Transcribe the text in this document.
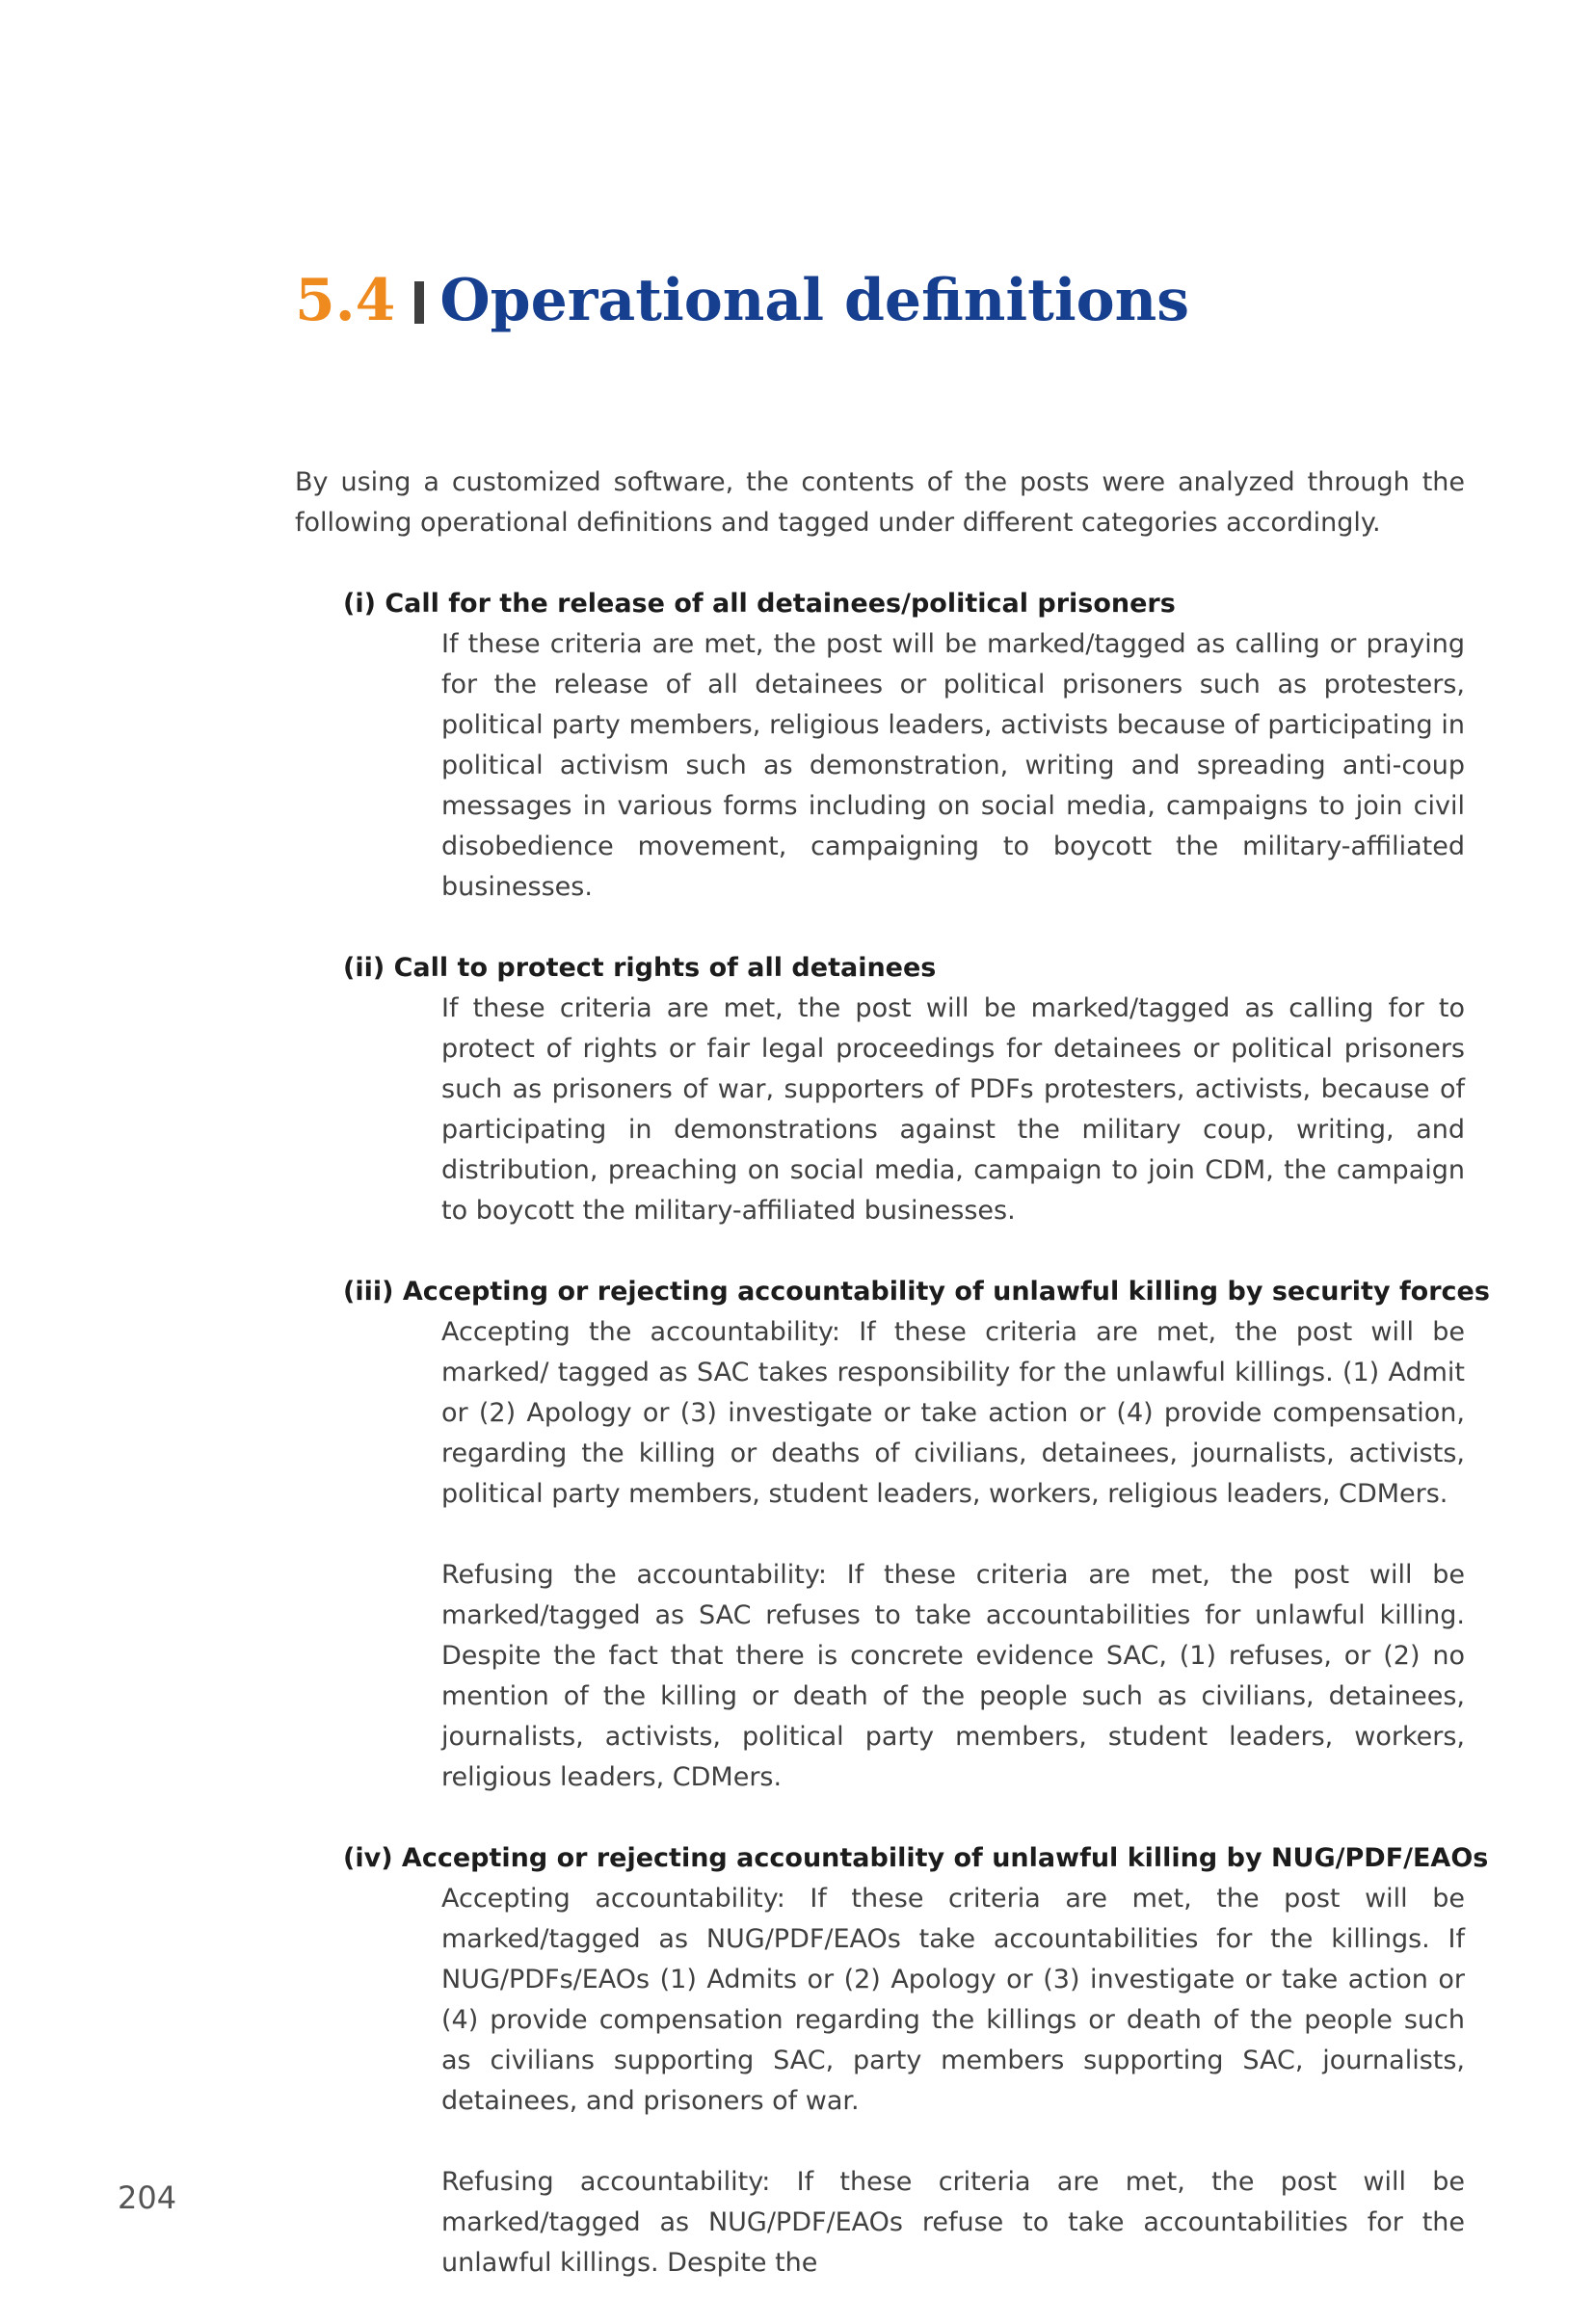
5.4 Operational definitions

By using a customized software, the contents of the posts were analyzed through the following operational definitions and tagged under different categories accordingly.

(i) Call for the release of all detainees/political prisoners

If these criteria are met, the post will be marked/tagged as calling or praying for the release of all detainees or political prisoners such as protesters, political party members, religious leaders, activists because of participating in political activism such as demonstration, writing and spreading anti-coup messages in various forms including on social media, campaigns to join civil disobedience movement, campaigning to boycott the military-affiliated businesses.

(ii) Call to protect rights of all detainees

If these criteria are met, the post will be marked/tagged as calling for to protect of rights or fair legal proceedings for detainees or political prisoners such as prisoners of war, supporters of PDFs protesters, activists, because of participating in demonstrations against the military coup, writing, and distribution, preaching on social media, campaign to join CDM, the campaign to boycott the military-affiliated businesses.

(iii) Accepting or rejecting accountability of unlawful killing by security forces

Accepting the accountability: If these criteria are met, the post will be marked/ tagged as SAC takes responsibility for the unlawful killings. (1) Admit or (2) Apology or (3) investigate or take action or (4) provide compensation, regarding the killing or deaths of civilians, detainees, journalists, activists, political party members, student leaders, workers, religious leaders, CDMers.

Refusing the accountability: If these criteria are met, the post will be marked/tagged as SAC refuses to take accountabilities for unlawful killing. Despite the fact that there is concrete evidence SAC, (1) refuses, or (2) no mention of the killing or death of the people such as civilians, detainees, journalists, activists, political party members, student leaders, workers, religious leaders, CDMers.

(iv) Accepting or rejecting accountability of unlawful killing by NUG/PDF/EAOs

Accepting accountability: If these criteria are met, the post will be marked/tagged as NUG/PDF/EAOs take accountabilities for the killings. If NUG/PDFs/EAOs (1) Admits or (2) Apology or (3) investigate or take action or (4) provide compensation regarding the killings or death of the people such as civilians supporting SAC, party members supporting SAC, journalists, detainees, and prisoners of war.

Refusing accountability: If these criteria are met, the post will be marked/tagged as NUG/PDF/EAOs refuse to take accountabilities for the unlawful killings. Despite the

204
